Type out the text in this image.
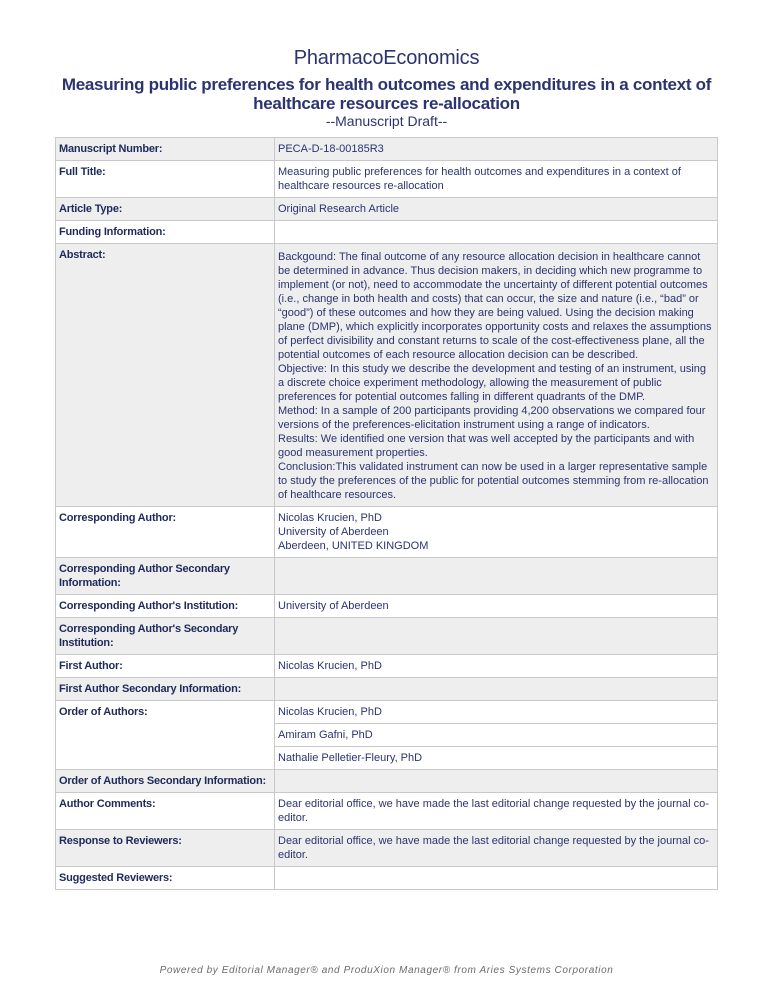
PharmacoEconomics
Measuring public preferences for health outcomes and expenditures in a context of healthcare resources re-allocation
--Manuscript Draft--
Manuscript Number:	PECA-D-18-00185R3
Full Title:	Measuring public preferences for health outcomes and expenditures in a context of healthcare resources re-allocation
Article Type:	Original Research Article
Funding Information:	
Abstract:	Backgound: The final outcome of any resource allocation decision in healthcare cannot be determined in advance. Thus decision makers, in deciding which new programme to implement (or not), need to accommodate the uncertainty of different potential outcomes (i.e., change in both health and costs) that can occur, the size and nature (i.e., “bad” or “good”) of these outcomes and how they are being valued. Using the decision making plane (DMP), which explicitly incorporates opportunity costs and relaxes the assumptions of perfect divisibility and constant returns to scale of the cost-effectiveness plane, all the potential outcomes of each resource allocation decision can be described.
Objective: In this study we describe the development and testing of an instrument, using a discrete choice experiment methodology, allowing the measurement of public preferences for potential outcomes falling in different quadrants of the DMP.
Method: In a sample of 200 participants providing 4,200 observations we compared four versions of the preferences-elicitation instrument using a range of indicators.
Results: We identified one version that was well accepted by the participants and with good measurement properties.
Conclusion:This validated instrument can now be used in a larger representative sample to study the preferences of the public for potential outcomes stemming from re-allocation of healthcare resources.

Corresponding Author:	Nicolas Krucien, PhD
University of Aberdeen
Aberdeen, UNITED KINGDOM

Corresponding Author Secondary Information:	
Corresponding Author's Institution:	University of Aberdeen
Corresponding Author's Secondary Institution:	
First Author:	Nicolas Krucien, PhD
First Author Secondary Information:	
Order of Authors:	Nicolas Krucien, PhD
	Amiram Gafni, PhD
	Nathalie Pelletier-Fleury, PhD
Order of Authors Secondary Information:	
Author Comments:	Dear editorial office, we have made the last editorial change requested by the journal co-editor.
Response to Reviewers:	Dear editorial office, we have made the last editorial change requested by the journal co-editor.
Suggested Reviewers:	
Powered by Editorial Manager® and ProduXion Manager® from Aries Systems Corporation
